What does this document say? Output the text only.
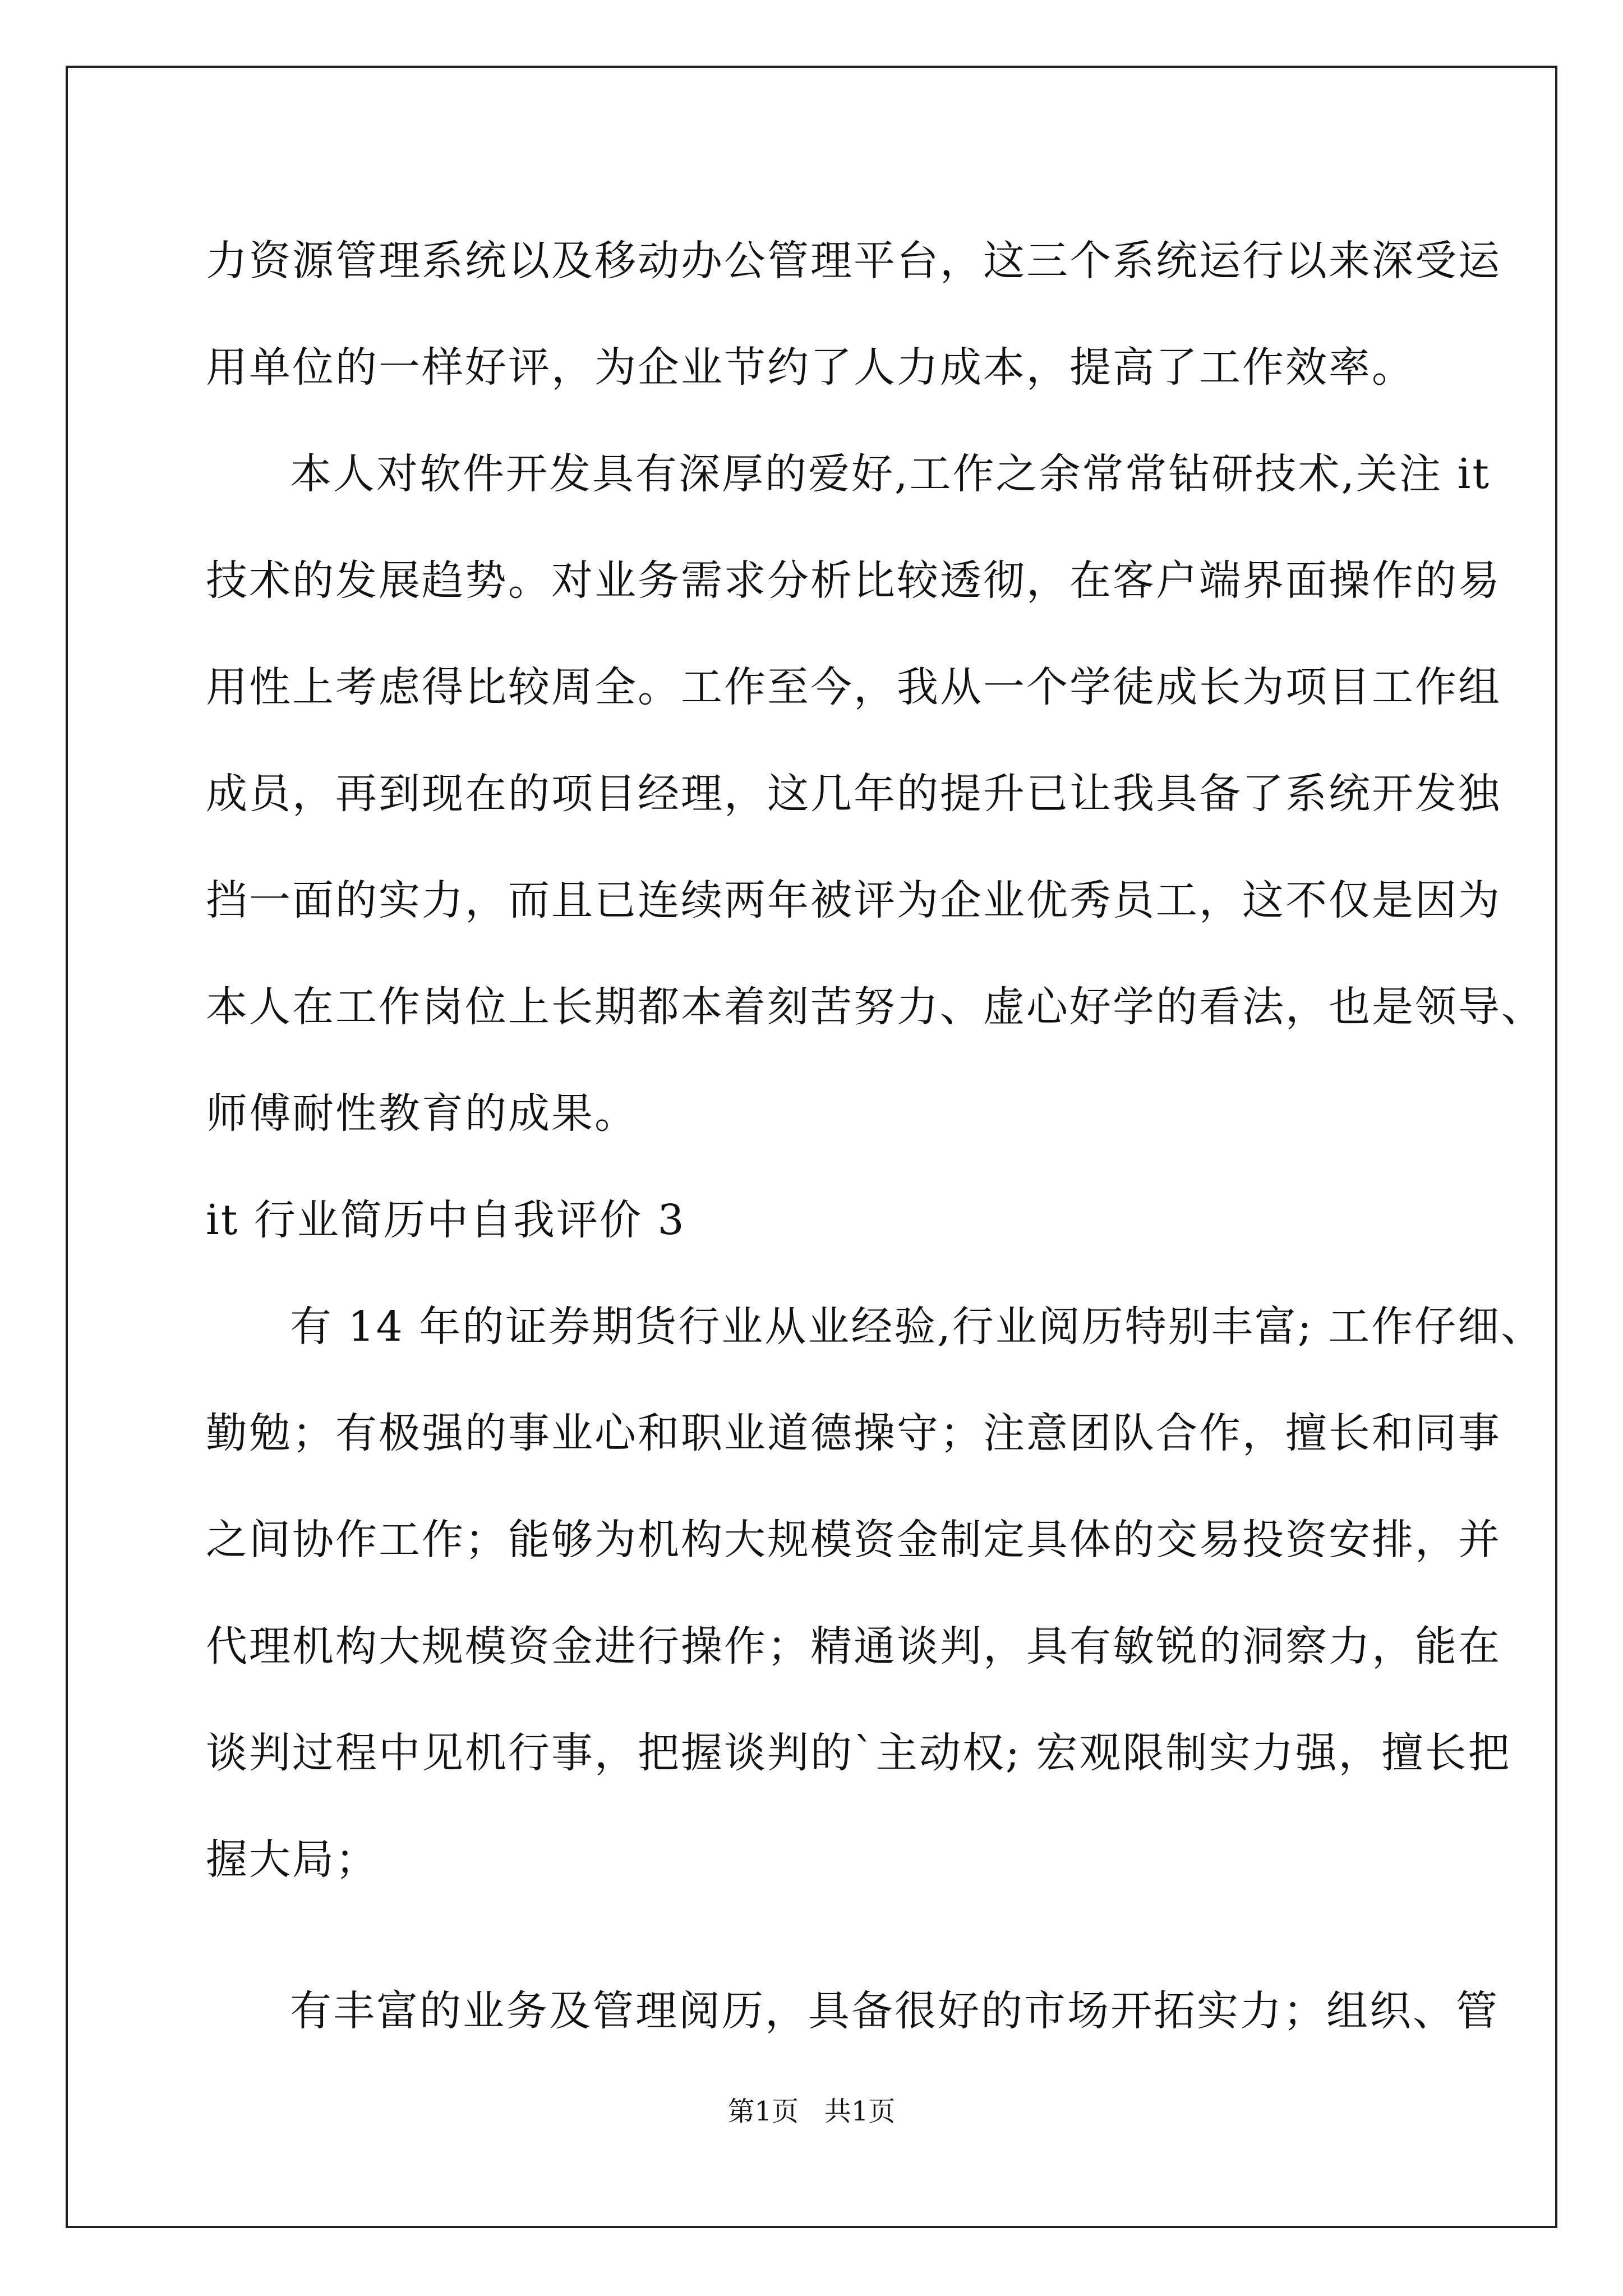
力资源管理系统以及移动办公管理平台，这三个系统运行以来深受运
用单位的一样好评，为企业节约了人力成本，提高了工作效率。
本人对软件开发具有深厚的爱好,工作之余常常钻研技术,关注 it
技术的发展趋势。对业务需求分析比较透彻，在客户端界面操作的易
用性上考虑得比较周全。工作至今，我从一个学徒成长为项目工作组
成员，再到现在的项目经理，这几年的提升已让我具备了系统开发独
挡一面的实力，而且已连续两年被评为企业优秀员工，这不仅是因为
本人在工作岗位上长期都本着刻苦努力、虚心好学的看法，也是领导、
师傅耐性教育的成果。
it 行业简历中自我评价 3
有 14 年的证券期货行业从业经验,行业阅历特别丰富; 工作仔细、
勤勉；有极强的事业心和职业道德操守；注意团队合作，擅长和同事
之间协作工作；能够为机构大规模资金制定具体的交易投资安排，并
代理机构大规模资金进行操作；精通谈判，具有敏锐的洞察力，能在
谈判过程中见机行事，把握谈判的`主动权; 宏观限制实力强，擅长把
握大局；
有丰富的业务及管理阅历，具备很好的市场开拓实力；组织、管
第1页   共1页
